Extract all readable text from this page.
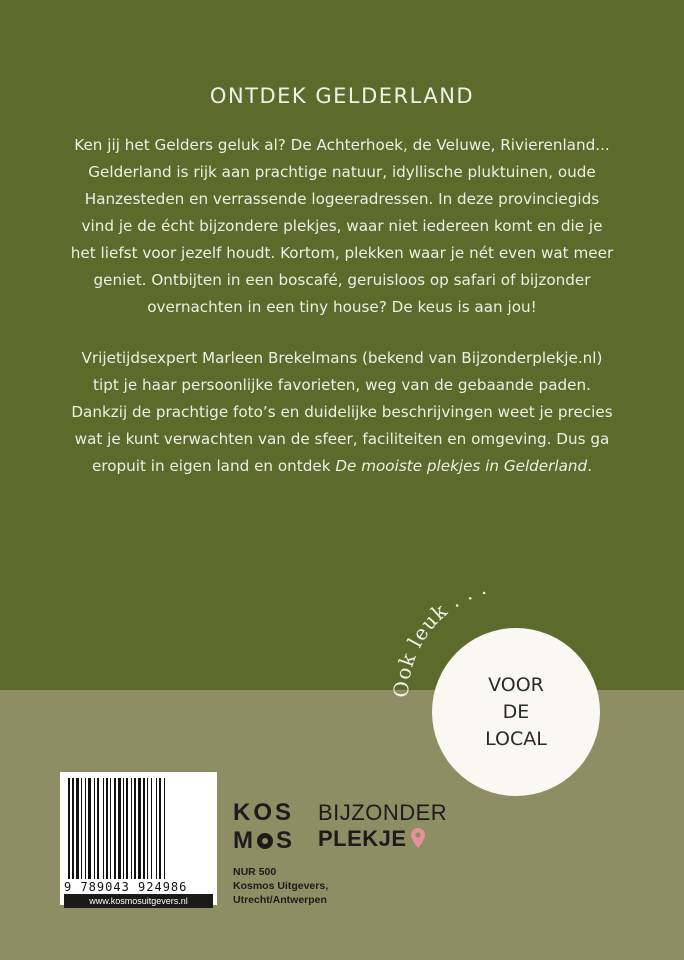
ONTDEK GELDERLAND
Ken jij het Gelders geluk al? De Achterhoek, de Veluwe, Rivierenland... Gelderland is rijk aan prachtige natuur, idyllische pluktuinen, oude Hanzesteden en verrassende logeeradressen. In deze provinciegids vind je de écht bijzondere plekjes, waar niet iedereen komt en die je het liefst voor jezelf houdt. Kortom, plekken waar je nét even wat meer geniet. Ontbijten in een boscafé, geruisloos op safari of bijzonder overnachten in een tiny house? De keus is aan jou!
Vrijetijdsexpert Marleen Brekelmans (bekend van Bijzonderplekje.nl) tipt je haar persoonlijke favorieten, weg van de gebaande paden. Dankzij de prachtige foto’s en duidelijke beschrijvingen weet je precies wat je kunt verwachten van de sfeer, faciliteiten en omgeving. Dus ga eropuit in eigen land en ontdek De mooiste plekjes in Gelderland.
Ook leuk . . .
VOOR
DE
LOCAL
9 789043 924986
www.kosmosuitgevers.nl
KOS
M S
BIJZONDER
PLEKJE
NUR 500
Kosmos Uitgevers,
Utrecht/Antwerpen
